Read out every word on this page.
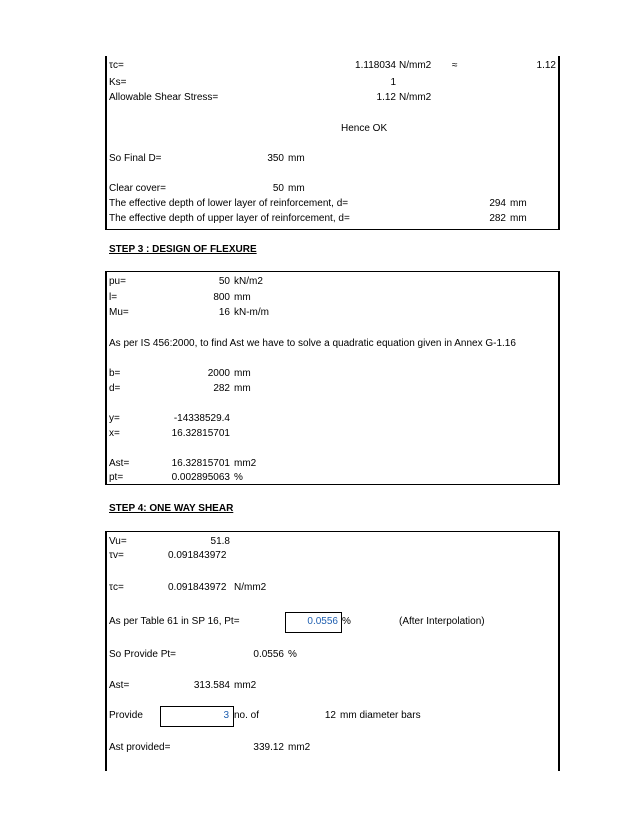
τc=	1.118034 N/mm2 ≈	1.12
Ks=	1
Allowable Shear Stress=	1.12 N/mm2
Hence OK
So Final D=	350 mm
Clear cover=	50 mm
The effective depth of lower layer of reinforcement, d=	294 mm
The effective depth of upper layer of reinforcement, d=	282 mm
STEP 3 : DESIGN OF FLEXURE
pu=	50 kN/m2
l=	800 mm
Mu=	16 kN-m/m
As per IS 456:2000, to find Ast we have to solve a quadratic equation given in Annex G-1.16
b=	2000 mm
d=	282 mm
y=	-14338529.4
x=	16.32815701
Ast=	16.32815701 mm2
pt=	0.002895063 %
STEP 4: ONE WAY SHEAR
Vu=	51.8
τv=	0.091843972
τc=	0.091843972 N/mm2
As per Table 61 in SP 16, Pt=	0.0556 %	(After Interpolation)
So Provide Pt=	0.0556 %
Ast=	313.584 mm2
Provide	3 no. of	12 mm diameter bars
Ast provided=	339.12 mm2
